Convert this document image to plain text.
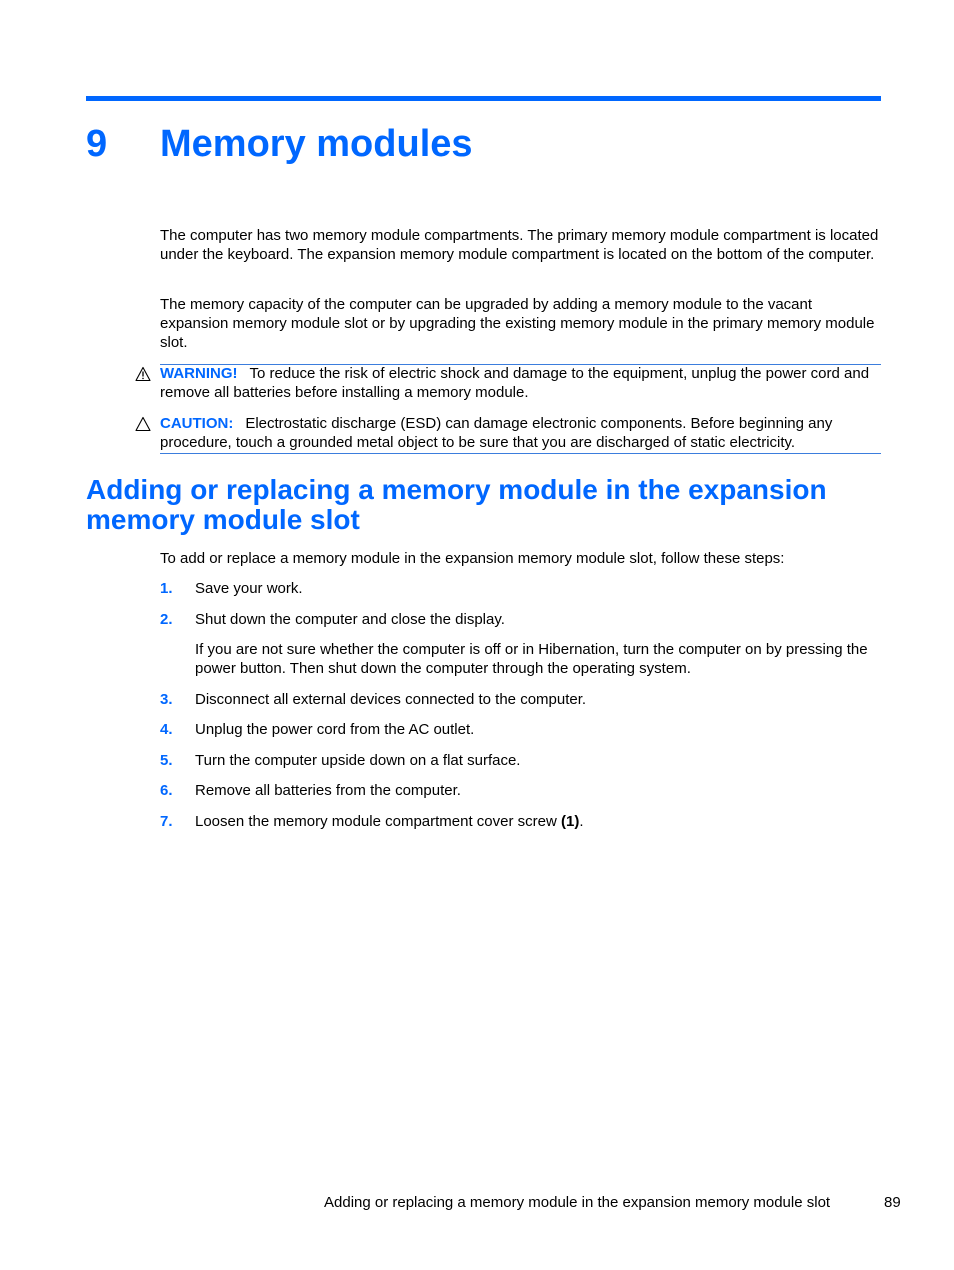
9 Memory modules

The computer has two memory module compartments. The primary memory module compartment is located under the keyboard. The expansion memory module compartment is located on the bottom of the computer.

The memory capacity of the computer can be upgraded by adding a memory module to the vacant expansion memory module slot or by upgrading the existing memory module in the primary memory module slot.

WARNING! To reduce the risk of electric shock and damage to the equipment, unplug the power cord and remove all batteries before installing a memory module.

CAUTION: Electrostatic discharge (ESD) can damage electronic components. Before beginning any procedure, touch a grounded metal object to be sure that you are discharged of static electricity.

Adding or replacing a memory module in the expansion memory module slot

To add or replace a memory module in the expansion memory module slot, follow these steps:

1. Save your work.

2. Shut down the computer and close the display.

If you are not sure whether the computer is off or in Hibernation, turn the computer on by pressing the power button. Then shut down the computer through the operating system.

3. Disconnect all external devices connected to the computer.

4. Unplug the power cord from the AC outlet.

5. Turn the computer upside down on a flat surface.

6. Remove all batteries from the computer.

7. Loosen the memory module compartment cover screw (1).

Adding or replacing a memory module in the expansion memory module slot	89
